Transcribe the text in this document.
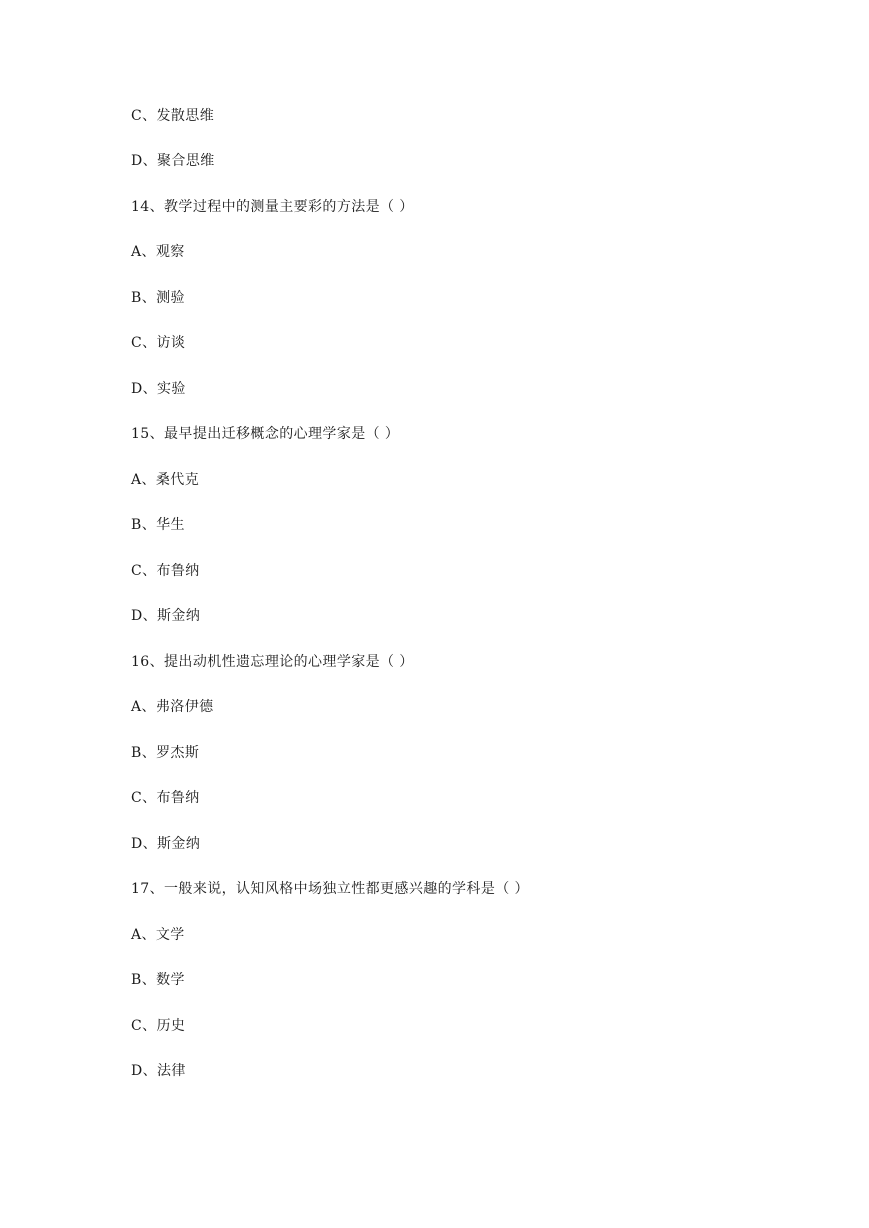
C、发散思维
D、聚合思维
14、教学过程中的测量主要彩的方法是（ ）
A、观察
B、测验
C、访谈
D、实验
15、最早提出迁移概念的心理学家是（ ）
A、桑代克
B、华生
C、布鲁纳
D、斯金纳
16、提出动机性遗忘理论的心理学家是（ ）
A、弗洛伊德
B、罗杰斯
C、布鲁纳
D、斯金纳
17、一般来说，认知风格中场独立性都更感兴趣的学科是（ ）
A、文学
B、数学
C、历史
D、法律
